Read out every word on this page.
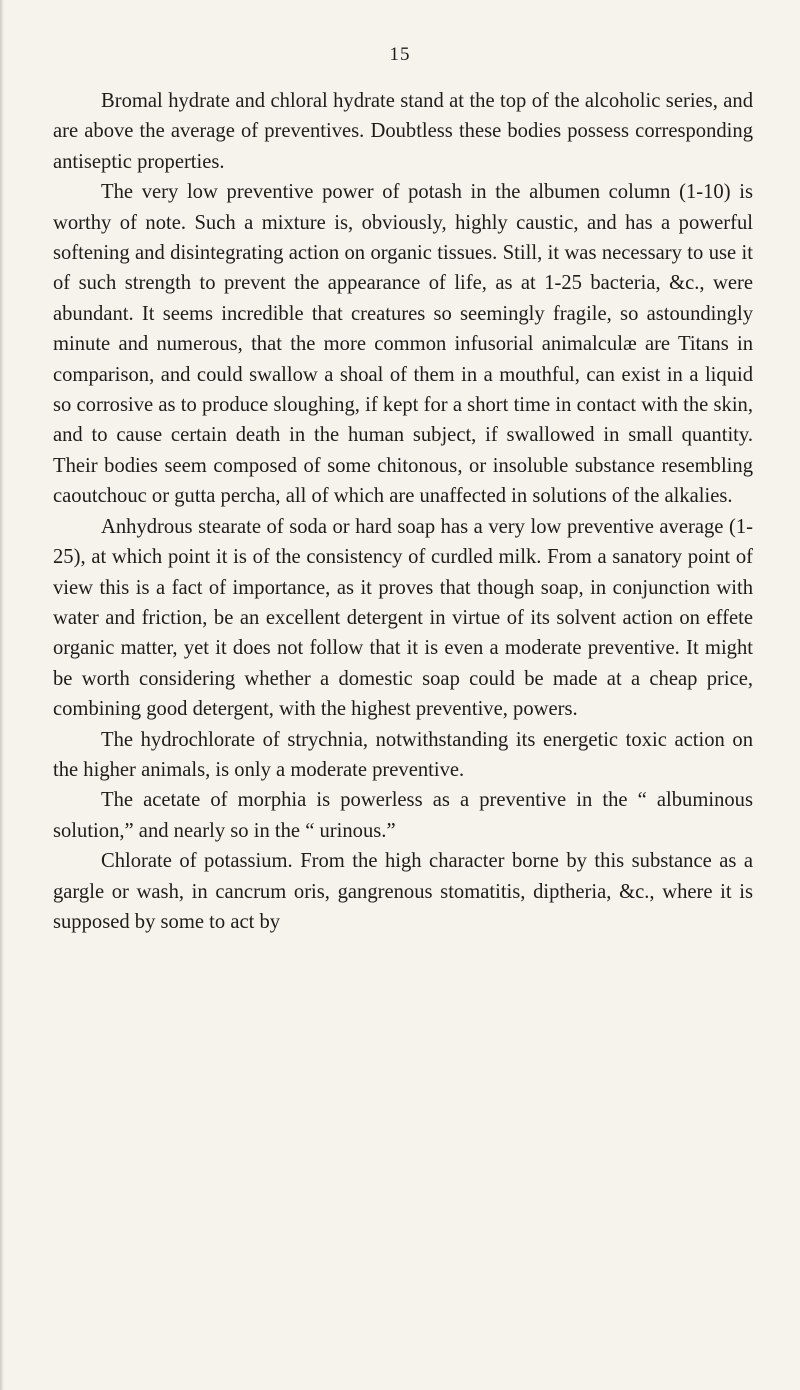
15

Bromal hydrate and chloral hydrate stand at the top of the alcoholic series, and are above the average of preventives. Doubtless these bodies possess corresponding antiseptic properties.

The very low preventive power of potash in the albumen column (1-10) is worthy of note. Such a mixture is, obviously, highly caustic, and has a powerful softening and disintegrating action on organic tissues. Still, it was necessary to use it of such strength to prevent the appearance of life, as at 1-25 bacteria, &c., were abundant. It seems incredible that creatures so seemingly fragile, so astoundingly minute and numerous, that the more common infusorial animalculæ are Titans in comparison, and could swallow a shoal of them in a mouthful, can exist in a liquid so corrosive as to produce sloughing, if kept for a short time in contact with the skin, and to cause certain death in the human subject, if swallowed in small quantity. Their bodies seem composed of some chitonous, or insoluble substance resembling caoutchouc or gutta percha, all of which are unaffected in solutions of the alkalies.

Anhydrous stearate of soda or hard soap has a very low preventive average (1-25), at which point it is of the consistency of curdled milk. From a sanatory point of view this is a fact of importance, as it proves that though soap, in conjunction with water and friction, be an excellent detergent in virtue of its solvent action on effete organic matter, yet it does not follow that it is even a moderate preventive. It might be worth considering whether a domestic soap could be made at a cheap price, combining good detergent, with the highest preventive, powers.

The hydrochlorate of strychnia, notwithstanding its energetic toxic action on the higher animals, is only a moderate preventive.

The acetate of morphia is powerless as a preventive in the “ albuminous solution,” and nearly so in the “ urinous.”

Chlorate of potassium. From the high character borne by this substance as a gargle or wash, in cancrum oris, gangrenous stomatitis, diptheria, &c., where it is supposed by some to act by
